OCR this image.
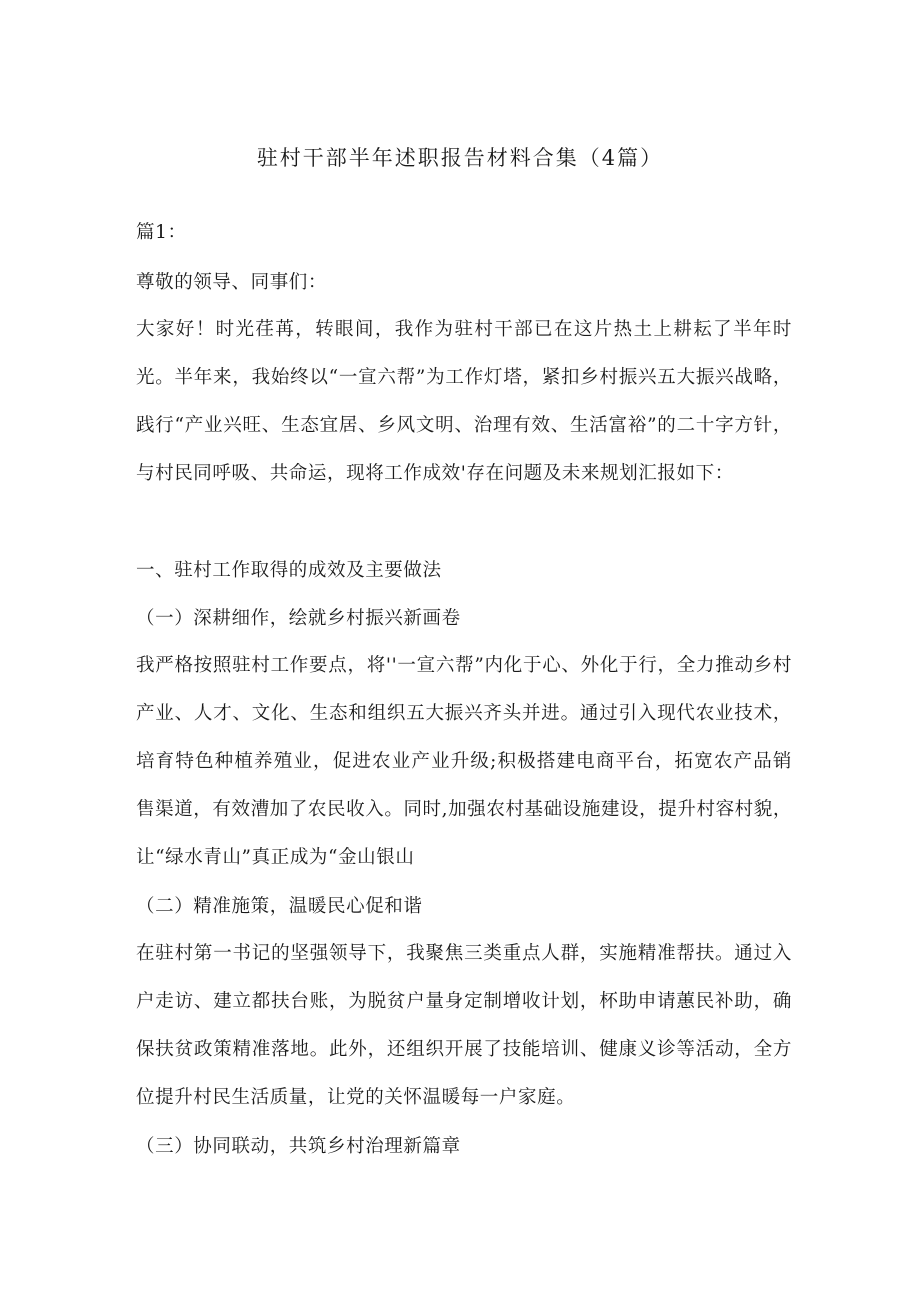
驻村干部半年述职报告材料合集（4篇）

篇1：

尊敬的领导、同事们：

大家好！时光荏苒，转眼间，我作为驻村干部已在这片热土上耕耘了半年时光。半年来，我始终以“一宣六帮”为工作灯塔，紧扣乡村振兴五大振兴战略，践行“产业兴旺、生态宜居、乡风文明、治理有效、生活富裕”的二十字方针，与村民同呼吸、共命运，现将工作成效'存在问题及未来规划汇报如下：

一、驻村工作取得的成效及主要做法

（一）深耕细作，绘就乡村振兴新画卷

我严格按照驻村工作要点，将''一宣六帮”内化于心、外化于行，全力推动乡村产业、人才、文化、生态和组织五大振兴齐头并进。通过引入现代农业技术，培育特色种植养殖业，促进农业产业升级;积极搭建电商平台，拓宽农产品销售渠道，有效漕加了农民收入。同时,加强农村基础设施建设，提升村容村貌，让“绿水青山”真正成为“金山银山

（二）精准施策，温暖民心促和谐

在驻村第一书记的坚强领导下，我聚焦三类重点人群，实施精准帮扶。通过入户走访、建立都扶台账，为脱贫户量身定制增收计划，杯助申请蕙民补助，确保扶贫政策精准落地。此外，还组织开展了技能培训、健康义诊等活动，全方位提升村民生活质量，让党的关怀温暖每一户家庭。

（三）协同联动，共筑乡村治理新篇章
